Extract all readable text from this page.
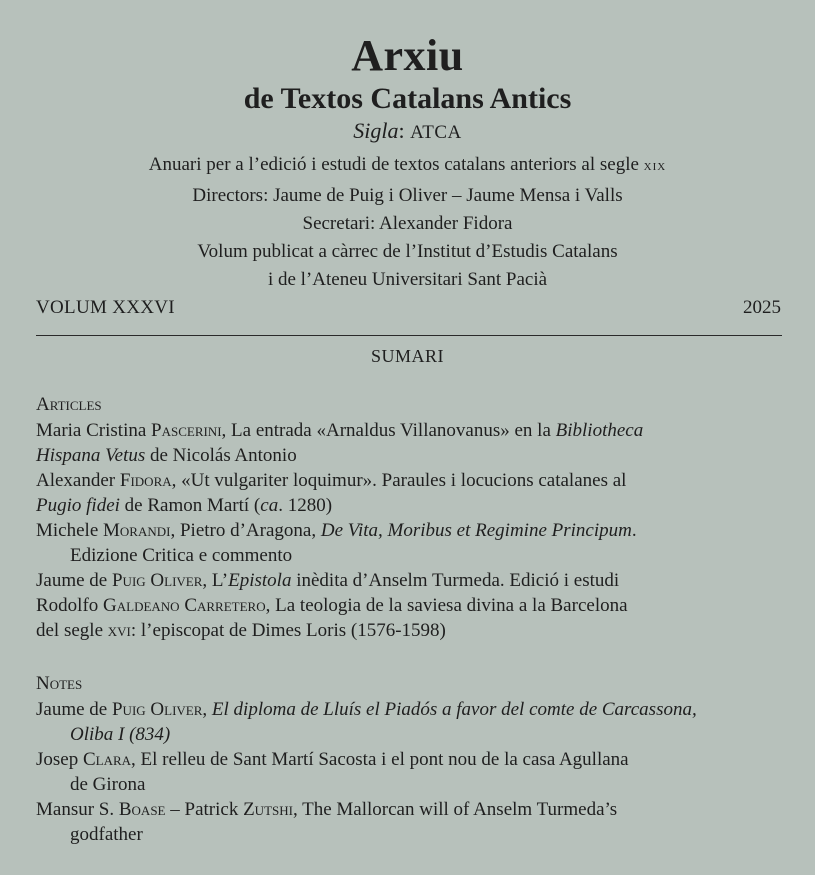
Arxiu
de Textos Catalans Antics
Sigla: ATCA
Anuari per a l’edició i estudi de textos catalans anteriors al segle xix
Directors: Jaume de Puig i Oliver – Jaume Mensa i Valls
Secretari: Alexander Fidora
Volum publicat a càrrec de l’Institut d’Estudis Catalans
i de l’Ateneu Universitari Sant Pacià
VOLUM XXXVI	2025
SUMARI
Articles
Maria Cristina Pascerini, La entrada «Arnaldus Villanovanus» en la Bibliotheca
Hispana Vetus de Nicolás Antonio
Alexander Fidora, «Ut vulgariter loquimur». Paraules i locucions catalanes al
Pugio fidei de Ramon Martí (ca. 1280)
Michele Morandi, Pietro d’Aragona, De Vita, Moribus et Regimine Principum.
Edizione Critica e commento
Jaume de Puig Oliver, L’Epistola inèdita d’Anselm Turmeda. Edició i estudi
Rodolfo Galdeano Carretero, La teologia de la saviesa divina a la Barcelona
del segle xvi: l’episcopat de Dimes Loris (1576-1598)
Notes
Jaume de Puig Oliver, El diploma de Lluís el Piadós a favor del comte de Carcassona,
Oliba I (834)
Josep Clara, El relleu de Sant Martí Sacosta i el pont nou de la casa Agullana
de Girona
Mansur S. Boase – Patrick Zutshi, The Mallorcan will of Anselm Turmeda’s
godfather
